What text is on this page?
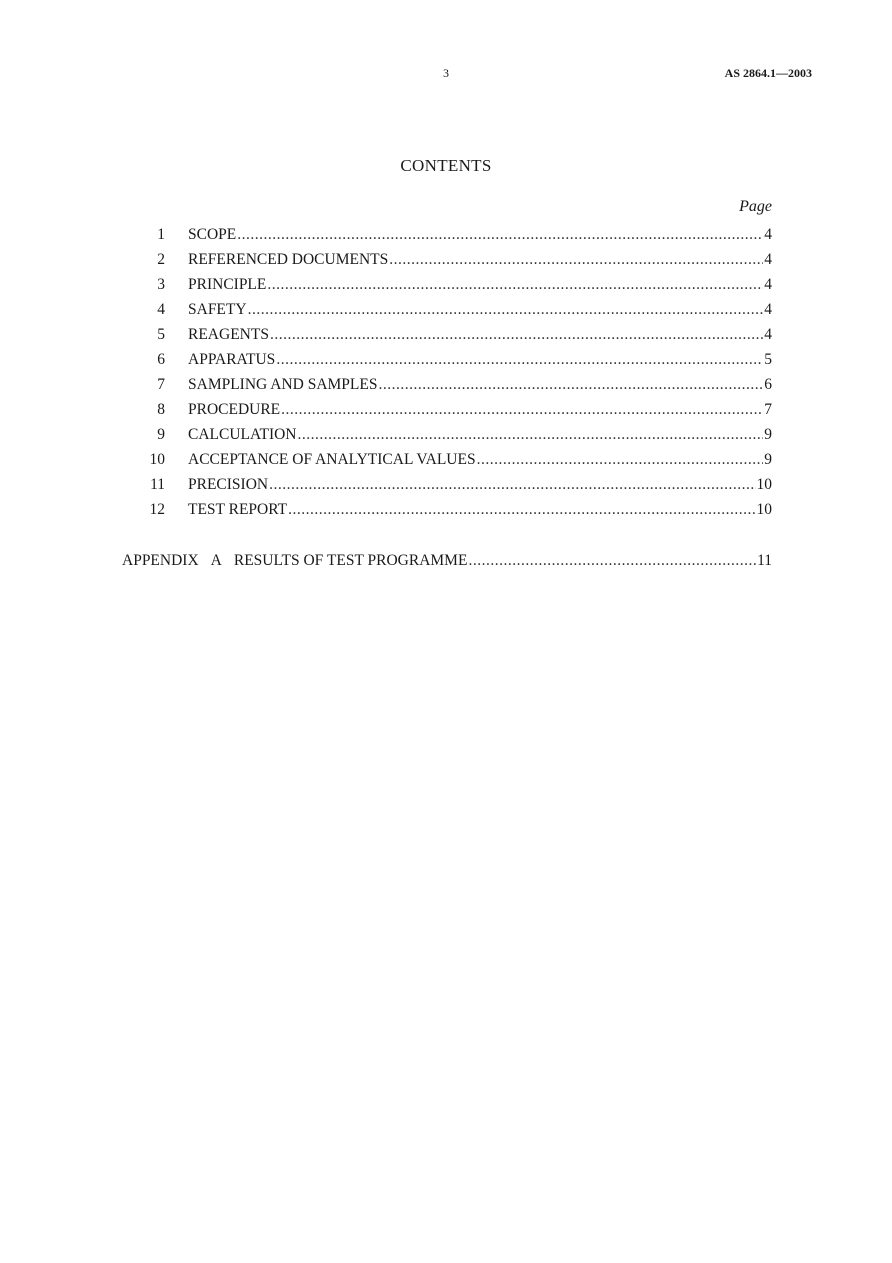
3	AS 2864.1—2003
CONTENTS
Page
1 SCOPE .....	4
2 REFERENCED DOCUMENTS .....	4
3 PRINCIPLE .....	4
4 SAFETY .....	4
5 REAGENTS .....	4
6 APPARATUS .....	5
7 SAMPLING AND SAMPLES .....	6
8 PROCEDURE .....	7
9 CALCULATION .....	9
10 ACCEPTANCE OF ANALYTICAL VALUES .....	9
11 PRECISION .....	10
12 TEST REPORT .....	10
APPENDIX A RESULTS OF TEST PROGRAMME .....	11
